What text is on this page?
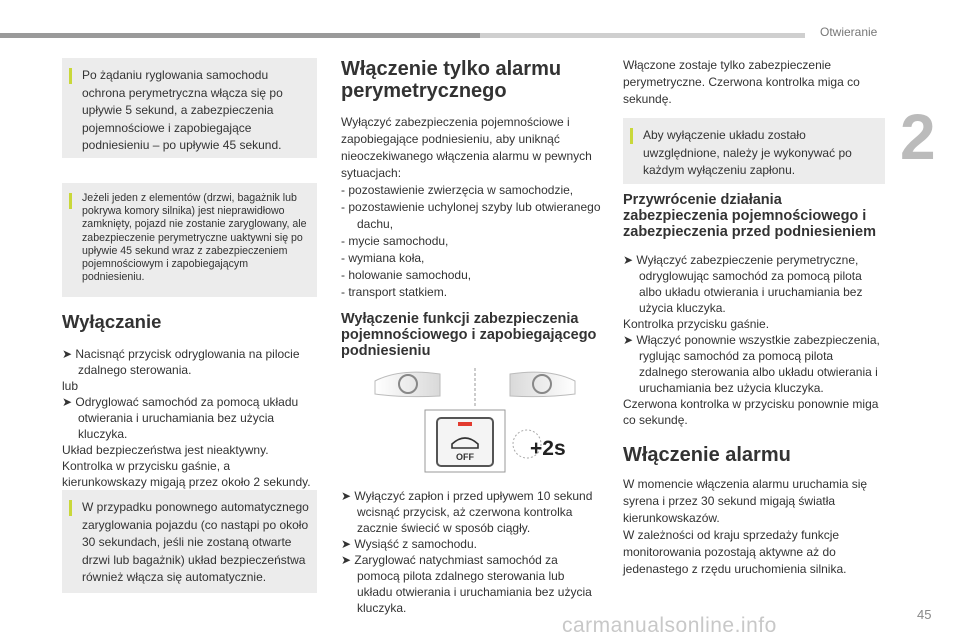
Otwieranie
2
Po żądaniu ryglowania samochodu ochrona perymetryczna włącza się po upływie 5 sekund, a zabezpieczenia pojemnościowe i zapobiegające podniesieniu – po upływie 45 sekund.
Jeżeli jeden z elementów (drzwi, bagażnik lub pokrywa komory silnika) jest nieprawidłowo zamknięty, pojazd nie zostanie zaryglowany, ale zabezpieczenie perymetryczne uaktywni się po upływie 45 sekund wraz z zabezpieczeniem pojemnościowym i zapobiegającym podniesieniu.
Wyłączanie

➤ Nacisnąć przycisk odryglowania na pilocie zdalnego sterowania.

lub

➤ Odryglować samochód za pomocą układu otwierania i uruchamiania bez użycia kluczyka.

Układ bezpieczeństwa jest nieaktywny.

Kontrolka w przycisku gaśnie, a kierunkowskazy migają przez około 2 sekundy.

W przypadku ponownego automatycznego zaryglowania pojazdu (co nastąpi po około 30 sekundach, jeśli nie zostaną otwarte drzwi lub bagażnik) układ bezpieczeństwa również włącza się automatycznie.
Włączenie tylko alarmu perymetrycznego

Wyłączyć zabezpieczenia pojemnościowe i zapobiegające podniesieniu, aby uniknąć nieoczekiwanego włączenia alarmu w pewnych sytuacjach:

- pozostawienie zwierzęcia w samochodzie,

- pozostawienie uchylonej szyby lub otwieranego dachu,

- mycie samochodu,

- wymiana koła,

- holowanie samochodu,

- transport statkiem.

Wyłączenie funkcji zabezpieczenia pojemnościowego i zapobiegającego podniesieniu
OFF	+2s

➤ Wyłączyć zapłon i przed upływem 10 sekund wcisnąć przycisk, aż czerwona kontrolka zacznie świecić w sposób ciągły.

➤ Wysiąść z samochodu.

➤ Zaryglować natychmiast samochód za pomocą pilota zdalnego sterowania lub układu otwierania i uruchamiania bez użycia kluczyka.

Włączone zostaje tylko zabezpieczenie perymetryczne. Czerwona kontrolka miga co sekundę.

Aby wyłączenie układu zostało uwzględnione, należy je wykonywać po każdym wyłączeniu zapłonu.
Przywrócenie działania zabezpieczenia pojemnościowego i zabezpieczenia przed podniesieniem

➤ Wyłączyć zabezpieczenie perymetryczne, odryglowując samochód za pomocą pilota albo układu otwierania i uruchamiania bez użycia kluczyka.

Kontrolka przycisku gaśnie.

➤ Włączyć ponownie wszystkie zabezpieczenia, ryglując samochód za pomocą pilota zdalnego sterowania albo układu otwierania i uruchamiania bez użycia kluczyka.

Czerwona kontrolka w przycisku ponownie miga co sekundę.

Włączenie alarmu

W momencie włączenia alarmu uruchamia się syrena i przez 30 sekund migają światła kierunkowskazów.

W zależności od kraju sprzedaży funkcje monitorowania pozostają aktywne aż do jedenastego z rzędu uruchomienia silnika.

45
carmanualsonline.info
